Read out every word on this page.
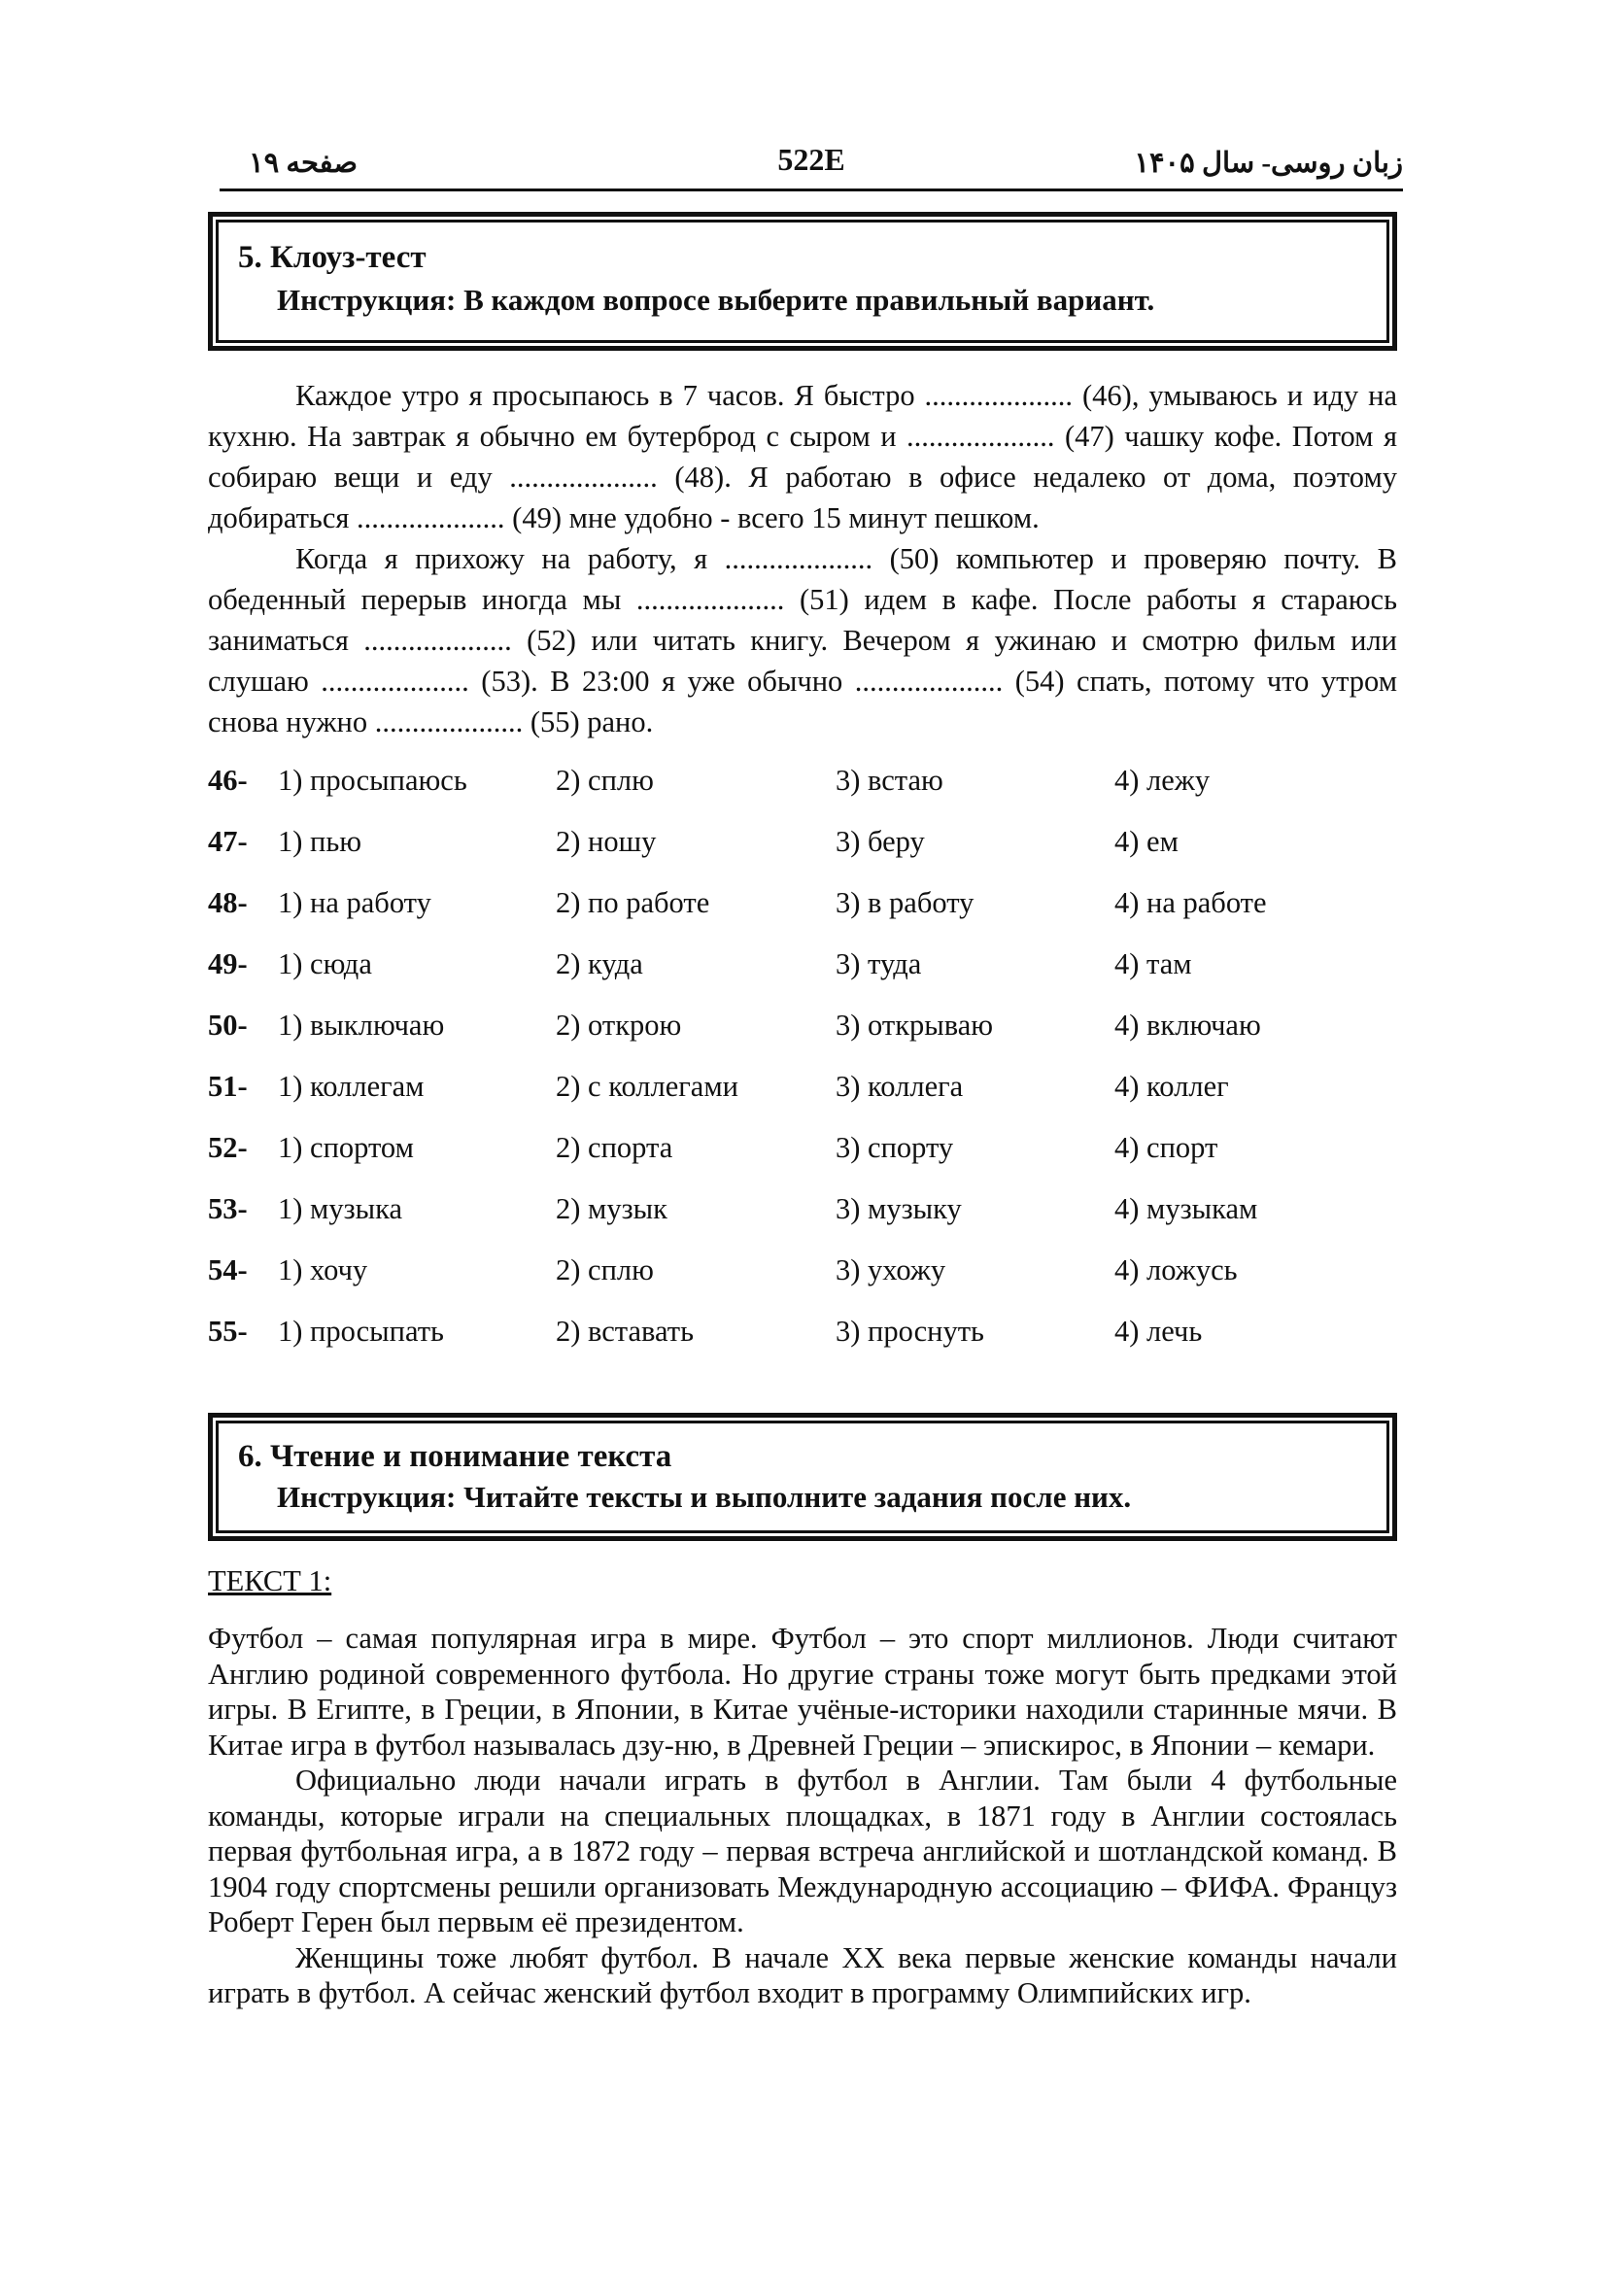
صفحه ۱۹	522E	زبان روسی- سال ۱۴۰۵
5. Клоуз-тест
Инструкция: В каждом вопросе выберите правильный вариант.

Каждое утро я просыпаюсь в 7 часов. Я быстро .................... (46), умываюсь и иду на кухню. На завтрак я обычно ем бутерброд с сыром и .................... (47) чашку кофе. Потом я собираю вещи и еду .................... (48). Я работаю в офисе недалеко от дома, поэтому добираться .................... (49) мне удобно - всего 15 минут пешком.

Когда я прихожу на работу, я .................... (50) компьютер и проверяю почту. В обеденный перерыв иногда мы .................... (51) идем в кафе. После работы я стараюсь заниматься .................... (52) или читать книгу. Вечером я ужинаю и смотрю фильм или слушаю .................... (53). В 23:00 я уже обычно .................... (54) спать, потому что утром снова нужно .................... (55) рано.

46- 1) просыпаюсь	2) сплю	3) встаю	4) лежу
47- 1) пью	2) ношу	3) беру	4) ем
48- 1) на работу	2) по работе	3) в работу	4) на работе
49- 1) сюда	2) куда	3) туда	4) там
50- 1) выключаю	2) открою	3) открываю	4) включаю
51- 1) коллегам	2) с коллегами	3) коллега	4) коллег
52- 1) спортом	2) спорта	3) спорту	4) спорт
53- 1) музыка	2) музык	3) музыку	4) музыкам
54- 1) хочу	2) сплю	3) ухожу	4) ложусь
55- 1) просыпать	2) вставать	3) проснуть	4) лечь
6. Чтение и понимание текста
Инструкция: Читайте тексты и выполните задания после них.
ТЕКСТ 1:

Футбол – самая популярная игра в мире. Футбол – это спорт миллионов. Люди считают Англию родиной современного футбола. Но другие страны тоже могут быть предками этой игры. В Египте, в Греции, в Японии, в Китае учёные-историки находили старинные мячи. В Китае игра в футбол называлась дзу-ню, в Древней Греции – эпискирос, в Японии – кемари.

Официально люди начали играть в футбол в Англии. Там были 4 футбольные команды, которые играли на специальных площадках, в 1871 году в Англии состоялась первая футбольная игра, а в 1872 году – первая встреча английской и шотландской команд. В 1904 году спортсмены решили организовать Международную ассоциацию – ФИФА. Француз Роберт Герен был первым её президентом.

Женщины тоже любят футбол. В начале XX века первые женские команды начали играть в футбол. А сейчас женский футбол входит в программу Олимпийских игр.
